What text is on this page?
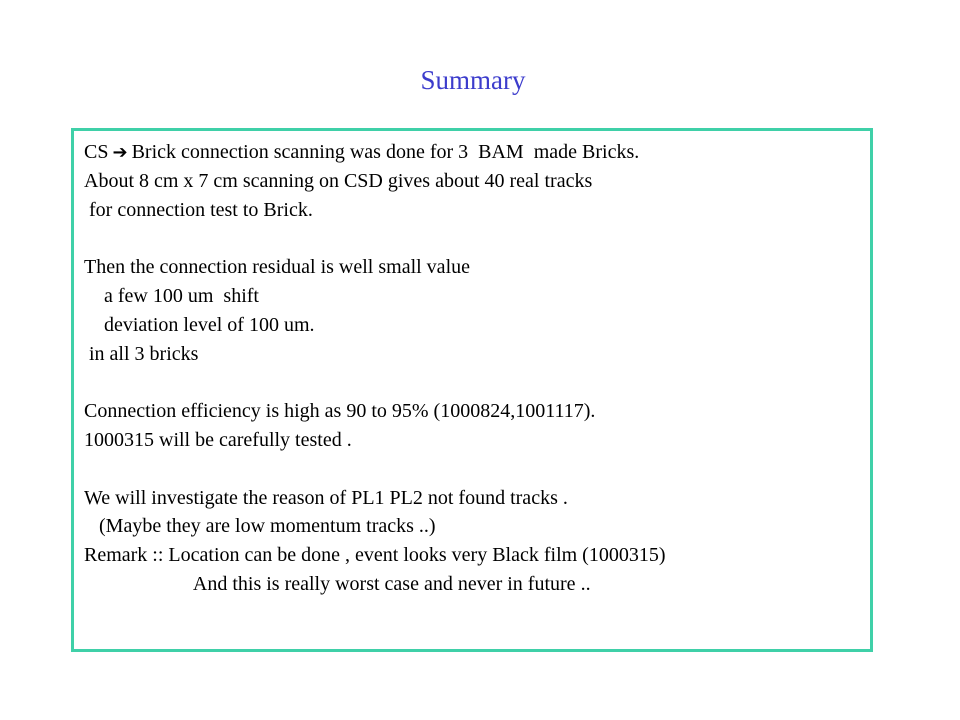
Summary
CS ➔ Brick connection scanning was done for 3  BAM  made Bricks.
About 8 cm x 7 cm scanning on CSD gives about 40 real tracks
for connection test to Brick.
Then the connection residual is well small value
a few 100 um  shift
deviation level of 100 um.
in all 3 bricks
Connection efficiency is high as 90 to 95% (1000824,1001117).
1000315 will be carefully tested .
We will investigate the reason of PL1 PL2 not found tracks .
(Maybe they are low momentum tracks ..)
Remark :: Location can be done , event looks very Black film (1000315)
And this is really worst case and never in future ..
